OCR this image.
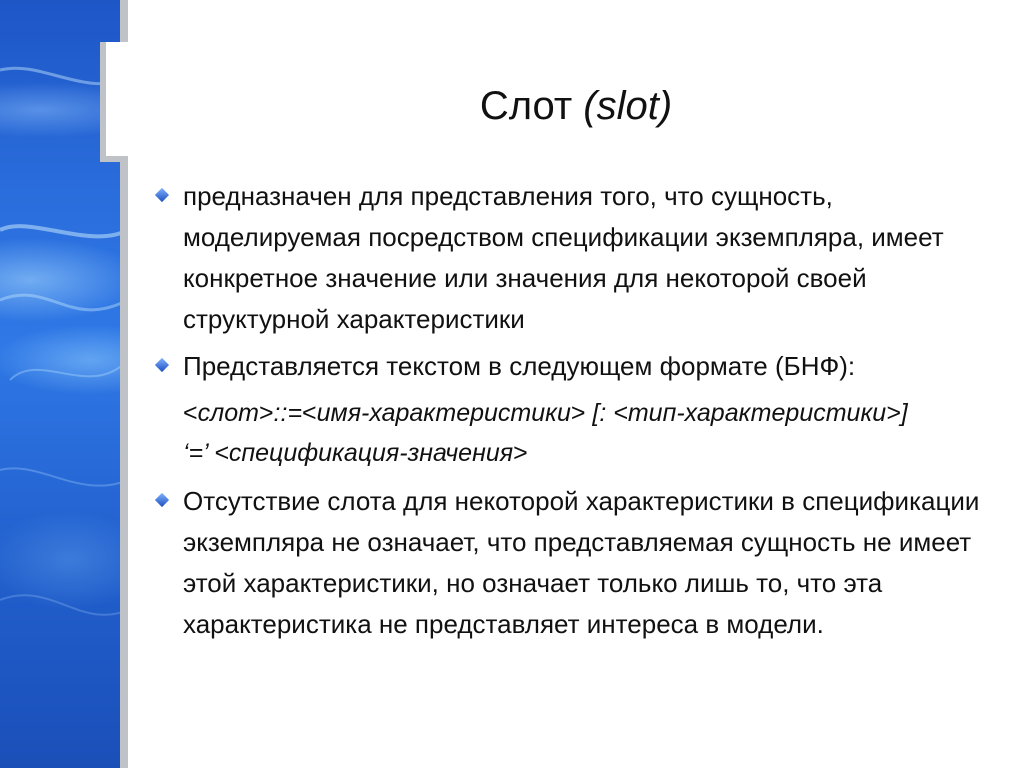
Слот (slot)
предназначен для представления того, что сущность, моделируемая посредством спецификации экземпляра, имеет конкретное значение или значения для некоторой своей структурной характеристики
Представляется текстом в следующем формате (БНФ):
<слот>::=<имя-характеристики> [: <тип-характеристики>]
‘=’ <спецификация-значения>
Отсутствие слота для некоторой характеристики в спецификации экземпляра не означает, что представляемая сущность не имеет этой характеристики, но означает только лишь то, что эта характеристика не представляет интереса в модели.
